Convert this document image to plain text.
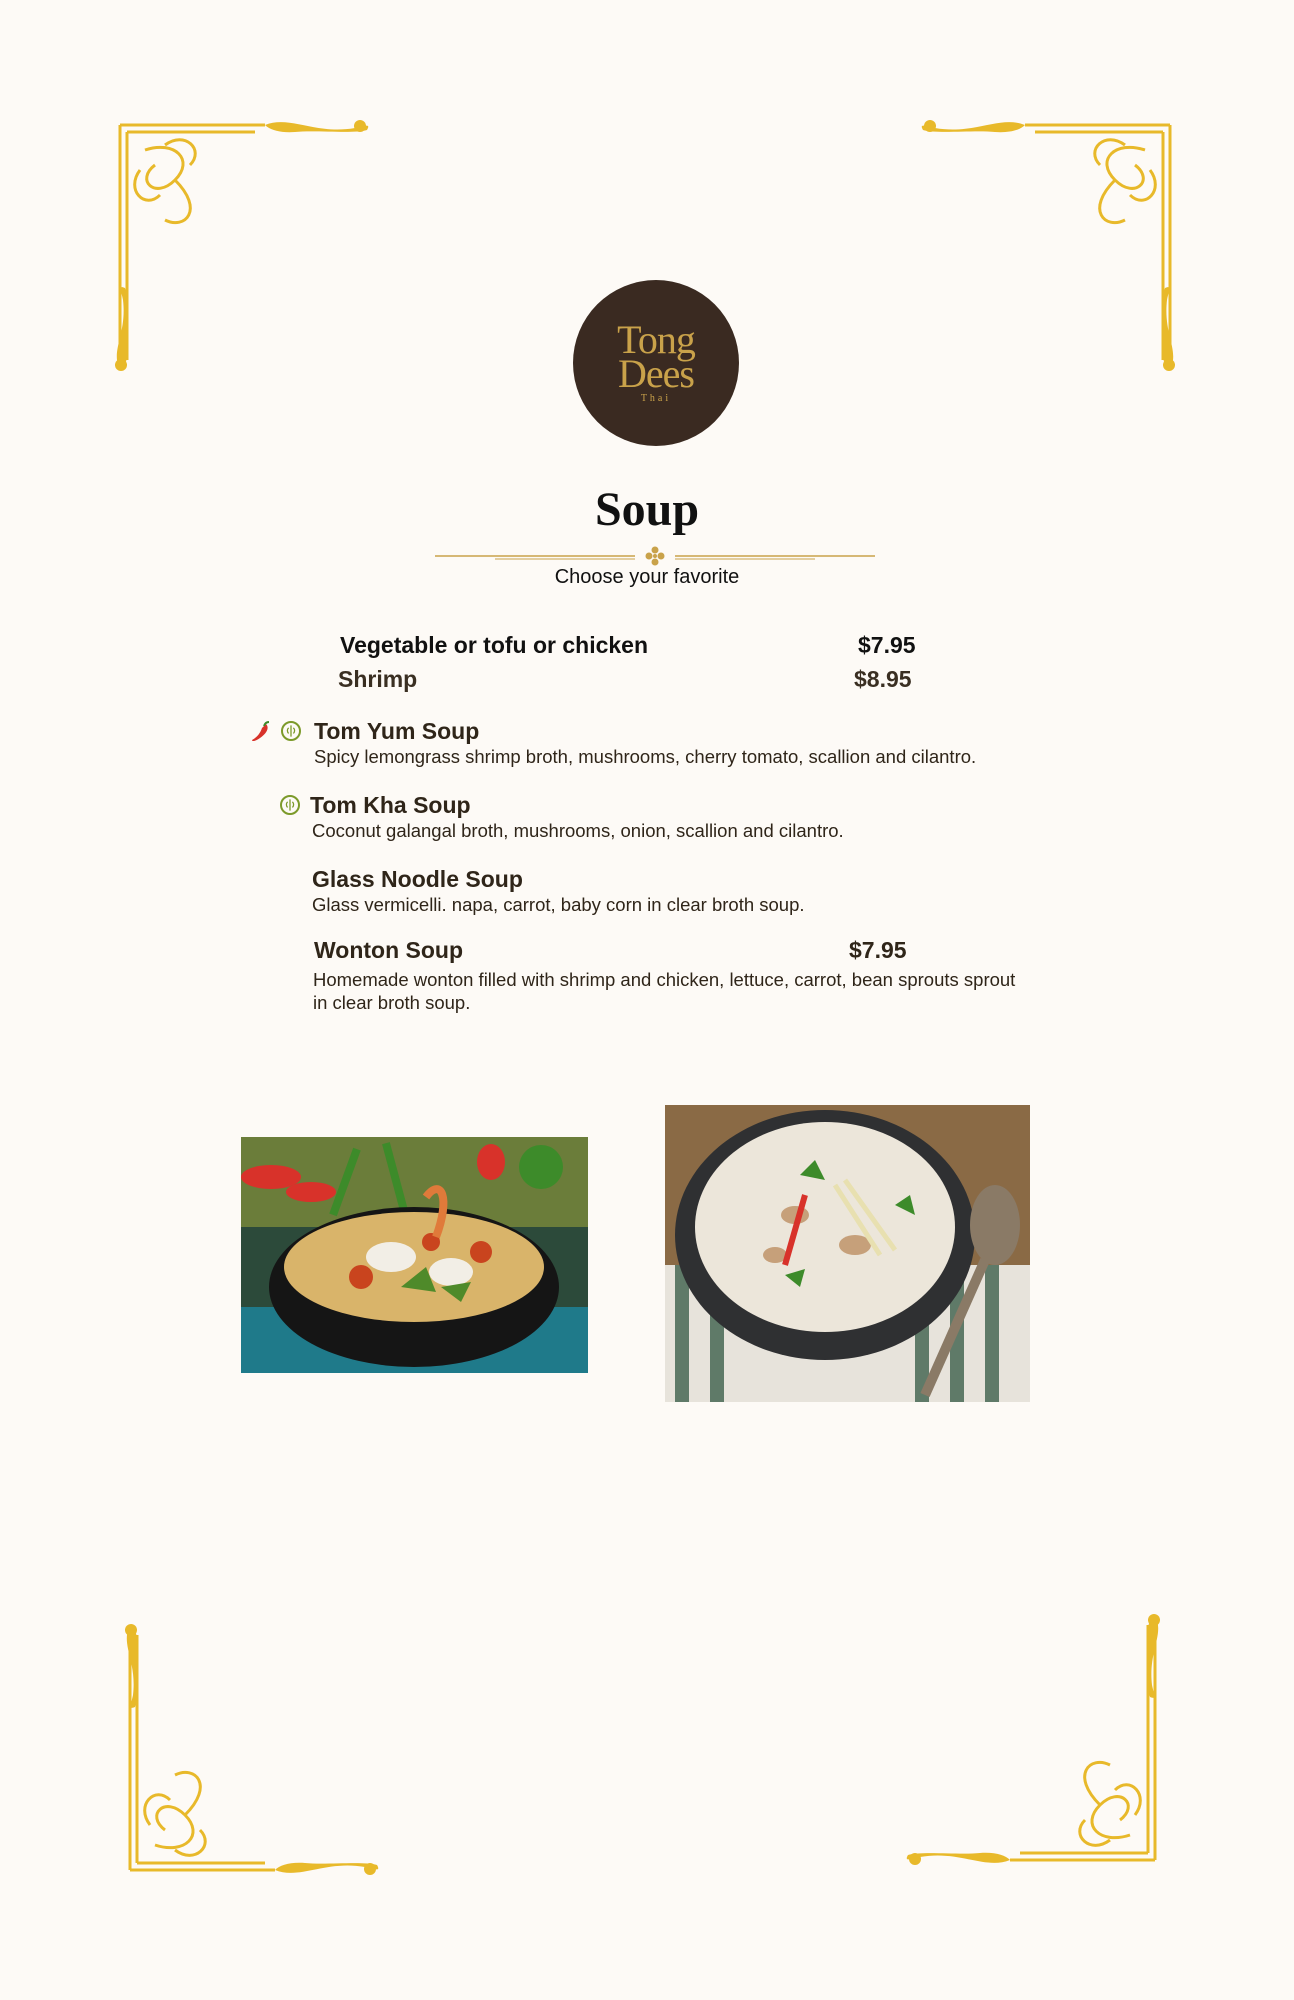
Tong
Dees
Thai
Soup
Choose your favorite
Vegetable or tofu or chicken	$7.95
Shrimp	$8.95
Tom Yum Soup
Spicy lemongrass shrimp broth, mushrooms, cherry tomato, scallion and cilantro.
Tom Kha Soup
Coconut galangal broth, mushrooms, onion, scallion and cilantro.
Glass Noodle Soup
Glass vermicelli. napa, carrot, baby corn in clear broth soup.
Wonton Soup	$7.95
Homemade wonton filled with shrimp and chicken, lettuce, carrot, bean sprouts sprout
in clear broth soup.
